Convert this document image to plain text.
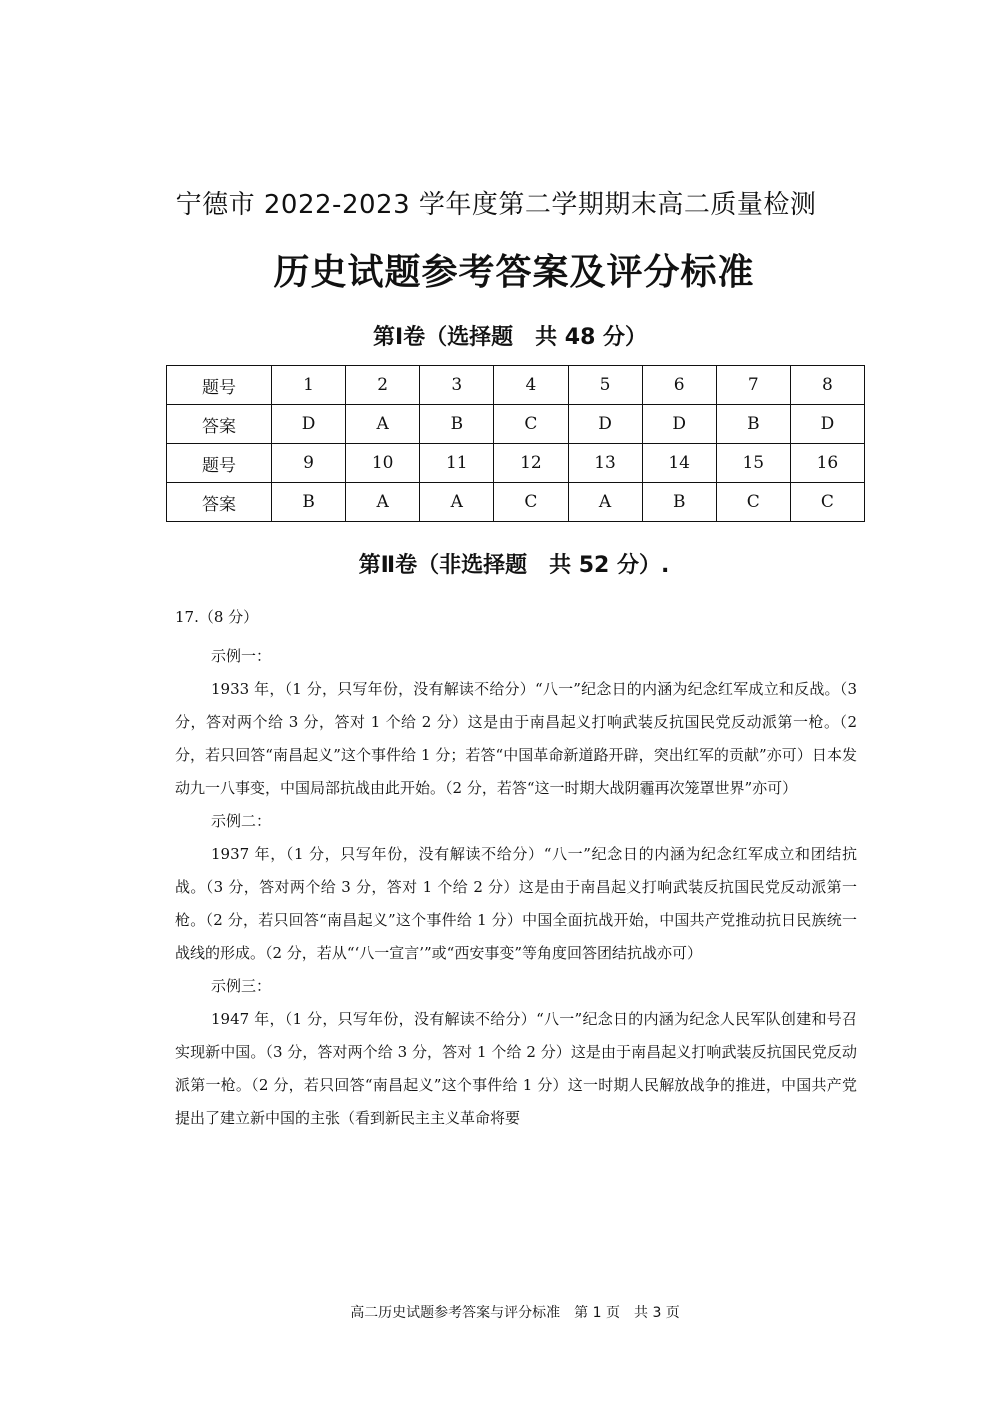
宁德市 2022-2023 学年度第二学期期末高二质量检测
历史试题参考答案及评分标准
第Ⅰ卷（选择题　共 48 分）
题号	1	2	3	4	5	6	7	8
答案	D	A	B	C	D	D	B	D
题号	9	10	11	12	13	14	15	16
答案	B	A	A	C	A	B	C	C
第Ⅱ卷（非选择题　共 52 分）.
17.（8 分）

示例一：

1933 年，（1 分，只写年份，没有解读不给分）“八一”纪念日的内涵为纪念红军成立和反战。（3 分，答对两个给 3 分，答对 1 个给 2 分）这是由于南昌起义打响武装反抗国民党反动派第一枪。（2 分，若只回答“南昌起义”这个事件给 1 分；若答“中国革命新道路开辟，突出红军的贡献”亦可）日本发动九一八事变，中国局部抗战由此开始。（2 分，若答“这一时期大战阴霾再次笼罩世界”亦可）

示例二：

1937 年，（1 分，只写年份，没有解读不给分）“八一”纪念日的内涵为纪念红军成立和团结抗战。（3 分，答对两个给 3 分，答对 1 个给 2 分）这是由于南昌起义打响武装反抗国民党反动派第一枪。（2 分，若只回答“南昌起义”这个事件给 1 分）中国全面抗战开始，中国共产党推动抗日民族统一战线的形成。（2 分，若从“‘八一宣言’”或“西安事变”等角度回答团结抗战亦可）

示例三：

1947 年，（1 分，只写年份，没有解读不给分）“八一”纪念日的内涵为纪念人民军队创建和号召实现新中国。（3 分，答对两个给 3 分，答对 1 个给 2 分）这是由于南昌起义打响武装反抗国民党反动派第一枪。（2 分，若只回答“南昌起义”这个事件给 1 分）这一时期人民解放战争的推进，中国共产党提出了建立新中国的主张（看到新民主主义革命将要

高二历史试题参考答案与评分标准　第 1 页　共 3 页
